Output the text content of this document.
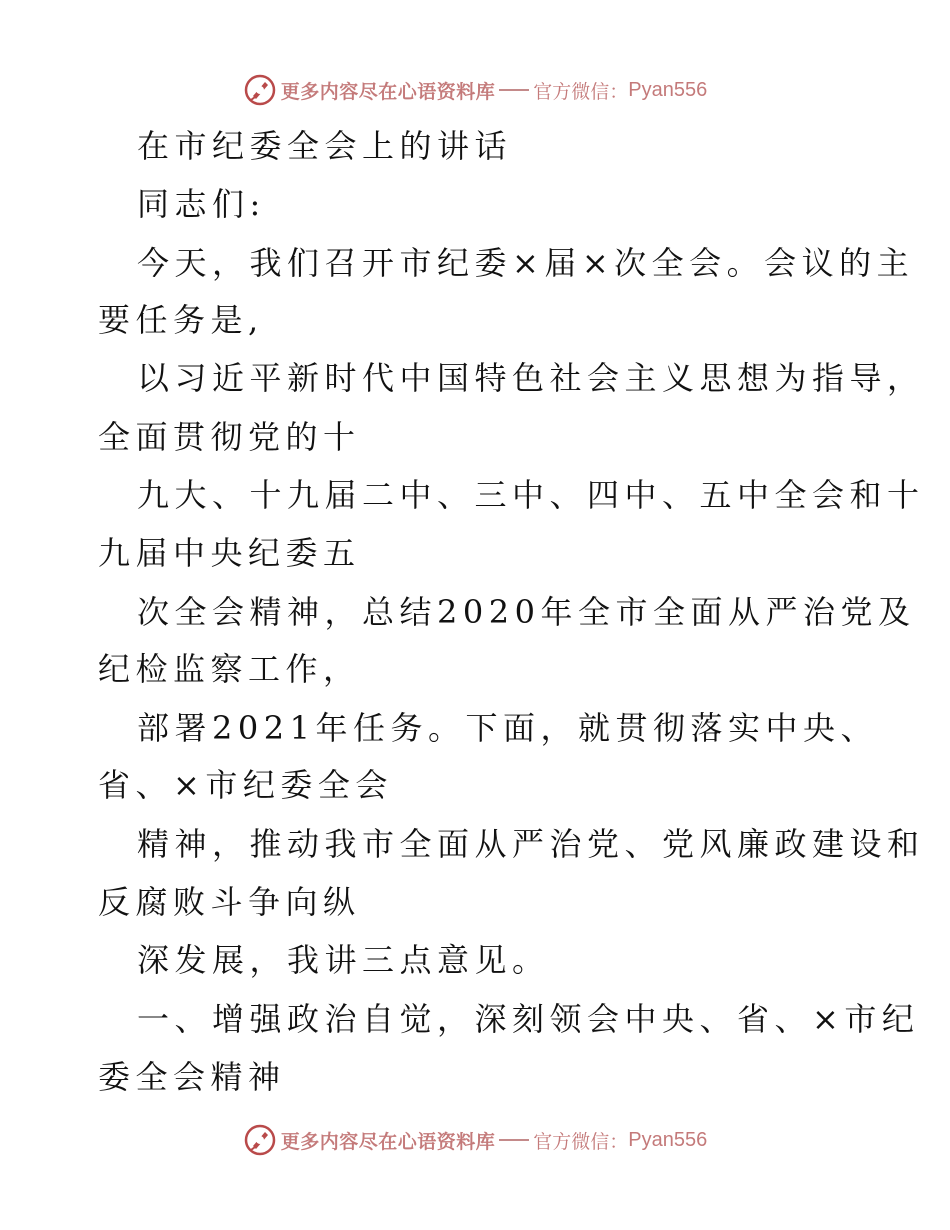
更多内容尽在心语资料库 官方微信： Pyan556
在市纪委全会上的讲话
同志们:
今天，我们召开市纪委×届×次全会。会议的主
要任务是,
以习近平新时代中国特色社会主义思想为指导，
全面贯彻党的十
九大、十九届二中、三中、四中、五中全会和十
九届中央纪委五
次全会精神，总结2020年全市全面从严治党及
纪检监察工作，
部署2021年任务。下面，就贯彻落实中央、
省、×市纪委全会
精神，推动我市全面从严治党、党风廉政建设和
反腐败斗争向纵
深发展，我讲三点意见。
一、增强政治自觉，深刻领会中央、省、×市纪
委全会精神
更多内容尽在心语资料库 官方微信： Pyan556
